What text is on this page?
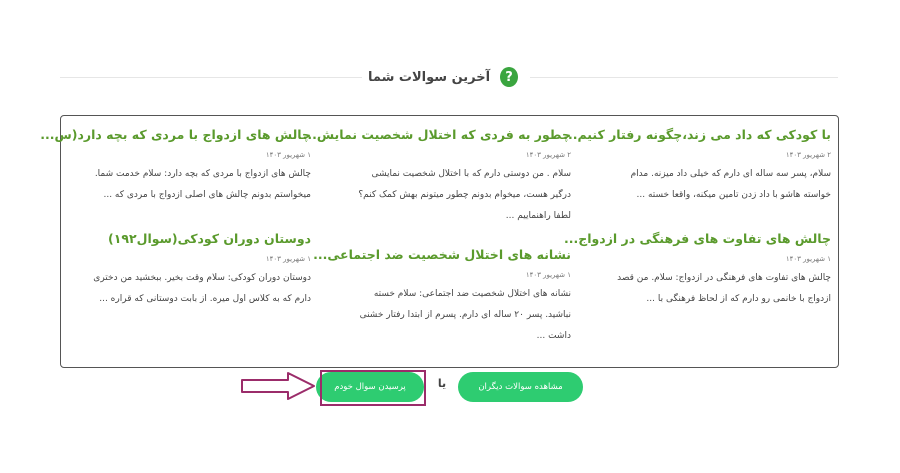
?
آخرین سوالات شما
با کودکی که داد می زند،چگونه رفتار کنیم...
۲ شهریور ۱۴۰۳
سلام، پسر سه ساله ای دارم که خیلی داد میزنه. مدام
خواسته هاشو با داد زدن تامین میکنه، واقعا خسته ...
چطور به فردی که اختلال شخصیت نمایش...
۲ شهریور ۱۴۰۳
سلام . من دوستی دارم که با اختلال شخصیت نمایشی
درگیر هست، میخوام بدونم چطور میتونم بهش کمک کنم؟
لطفا راهنماییم ...
چالش های ازدواج با مردی که بچه دارد(س...
۱ شهریور ۱۴۰۳
چالش های ازدواج با مردی که بچه دارد: سلام خدمت شما.
میخواستم بدونم چالش های اصلی ازدواج با مردی که ...
چالش های تفاوت های فرهنگی در ازدواج...
۱ شهریور ۱۴۰۳
چالش های تفاوت های فرهنگی در ازدواج: سلام. من قصد
ازدواج با خانمی رو دارم که از لحاظ فرهنگی با ...
نشانه های اختلال شخصیت ضد اجتماعی...
۱ شهریور ۱۴۰۳
نشانه های اختلال شخصیت ضد اجتماعی: سلام خسته
نباشید. پسر ۲۰ ساله ای دارم. پسرم از ابتدا رفتار خشنی
داشت ...
دوستان دوران کودکی(سوال۱۹۲)
۱ شهریور ۱۴۰۳
دوستان دوران کودکی: سلام وقت بخیر. ببخشید من دختری
دارم که به کلاس اول میره. از بابت دوستانی که قراره ...
پرسیدن سوال خودم	یا	مشاهده سوالات دیگران
